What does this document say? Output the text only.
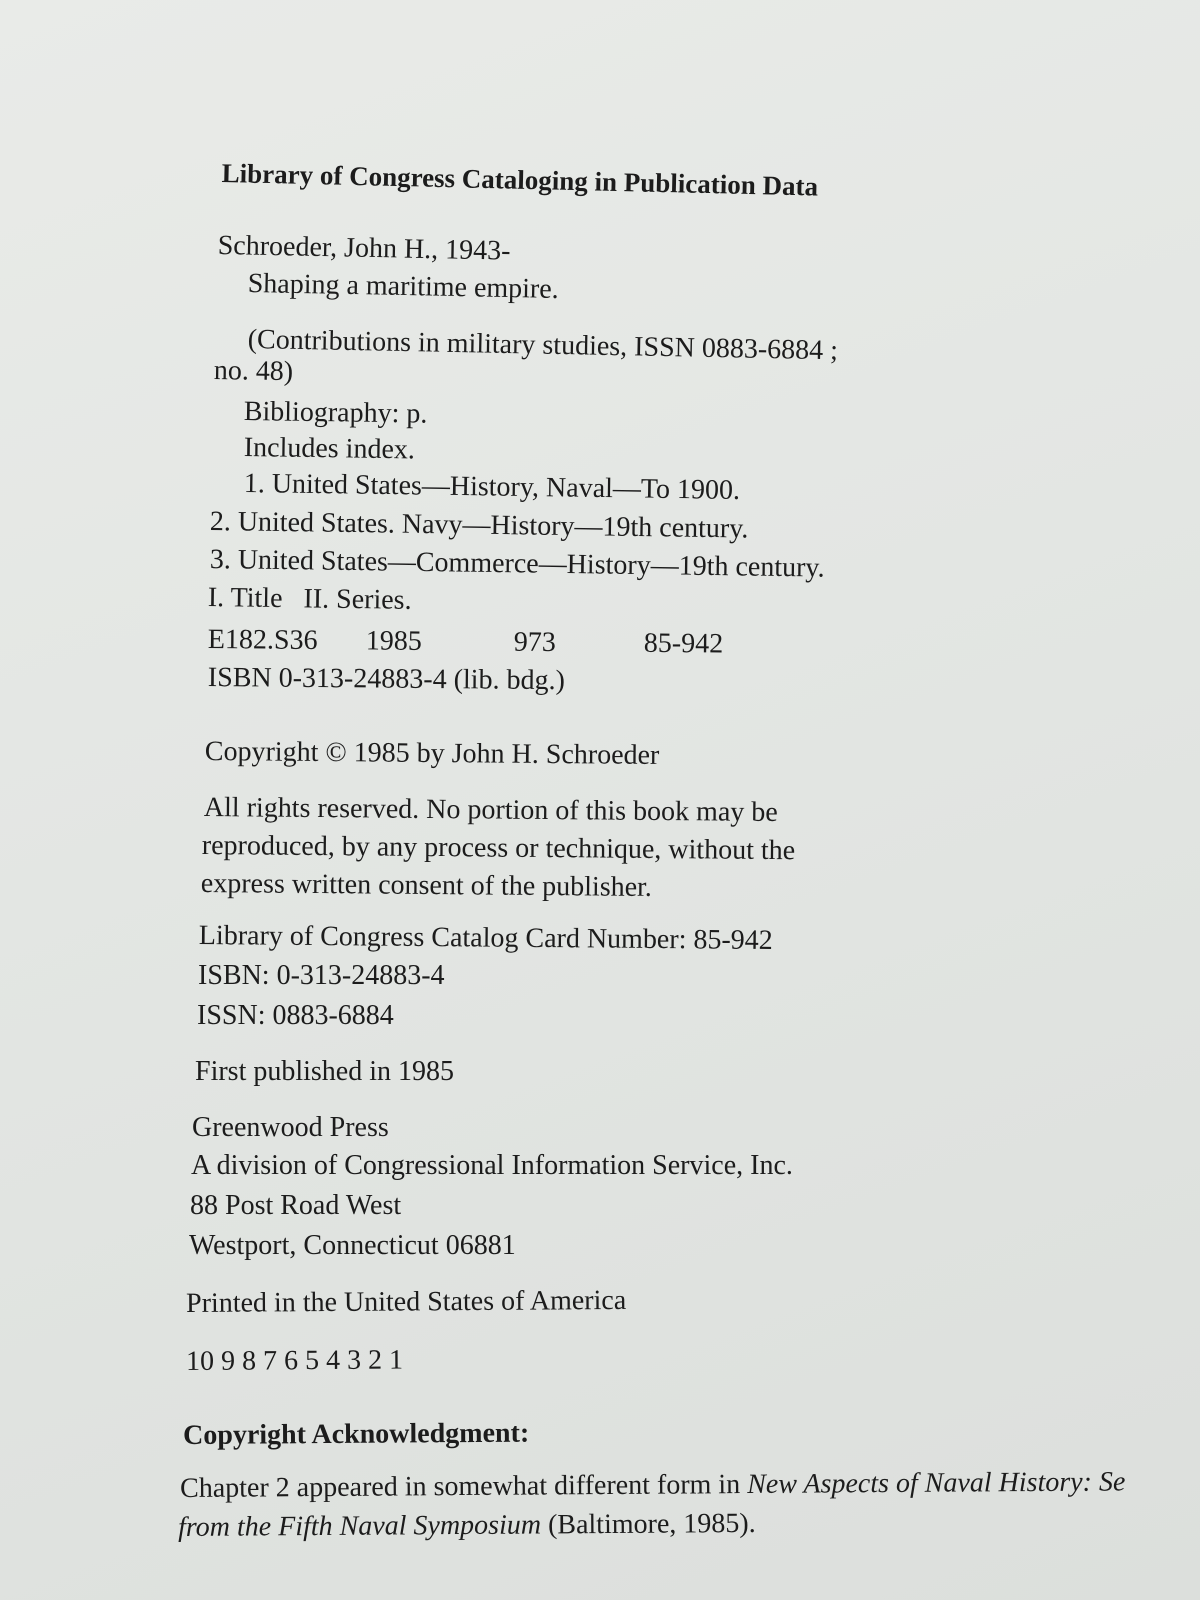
Library of Congress Cataloging in Publication Data
Schroeder, John H., 1943-
Shaping a maritime empire.
(Contributions in military studies, ISSN 0883-6884 ;
no. 48)
Bibliography: p.
Includes index.
1. United States—History, Naval—To 1900.
2. United States. Navy—History—19th century.
3. United States—Commerce—History—19th century.
I. Title   II. Series.
E182.S36 1985	973	85-942
ISBN 0-313-24883-4 (lib. bdg.)
Copyright © 1985 by John H. Schroeder
All rights reserved. No portion of this book may be
reproduced, by any process or technique, without the
express written consent of the publisher.
Library of Congress Catalog Card Number: 85-942
ISBN: 0-313-24883-4
ISSN: 0883-6884
First published in 1985
Greenwood Press
A division of Congressional Information Service, Inc.
88 Post Road West
Westport, Connecticut 06881
Printed in the United States of America
10 9 8 7 6 5 4 3 2 1
Copyright Acknowledgment:
Chapter 2 appeared in somewhat different form in New Aspects of Naval History: Se
from the Fifth Naval Symposium (Baltimore, 1985).
